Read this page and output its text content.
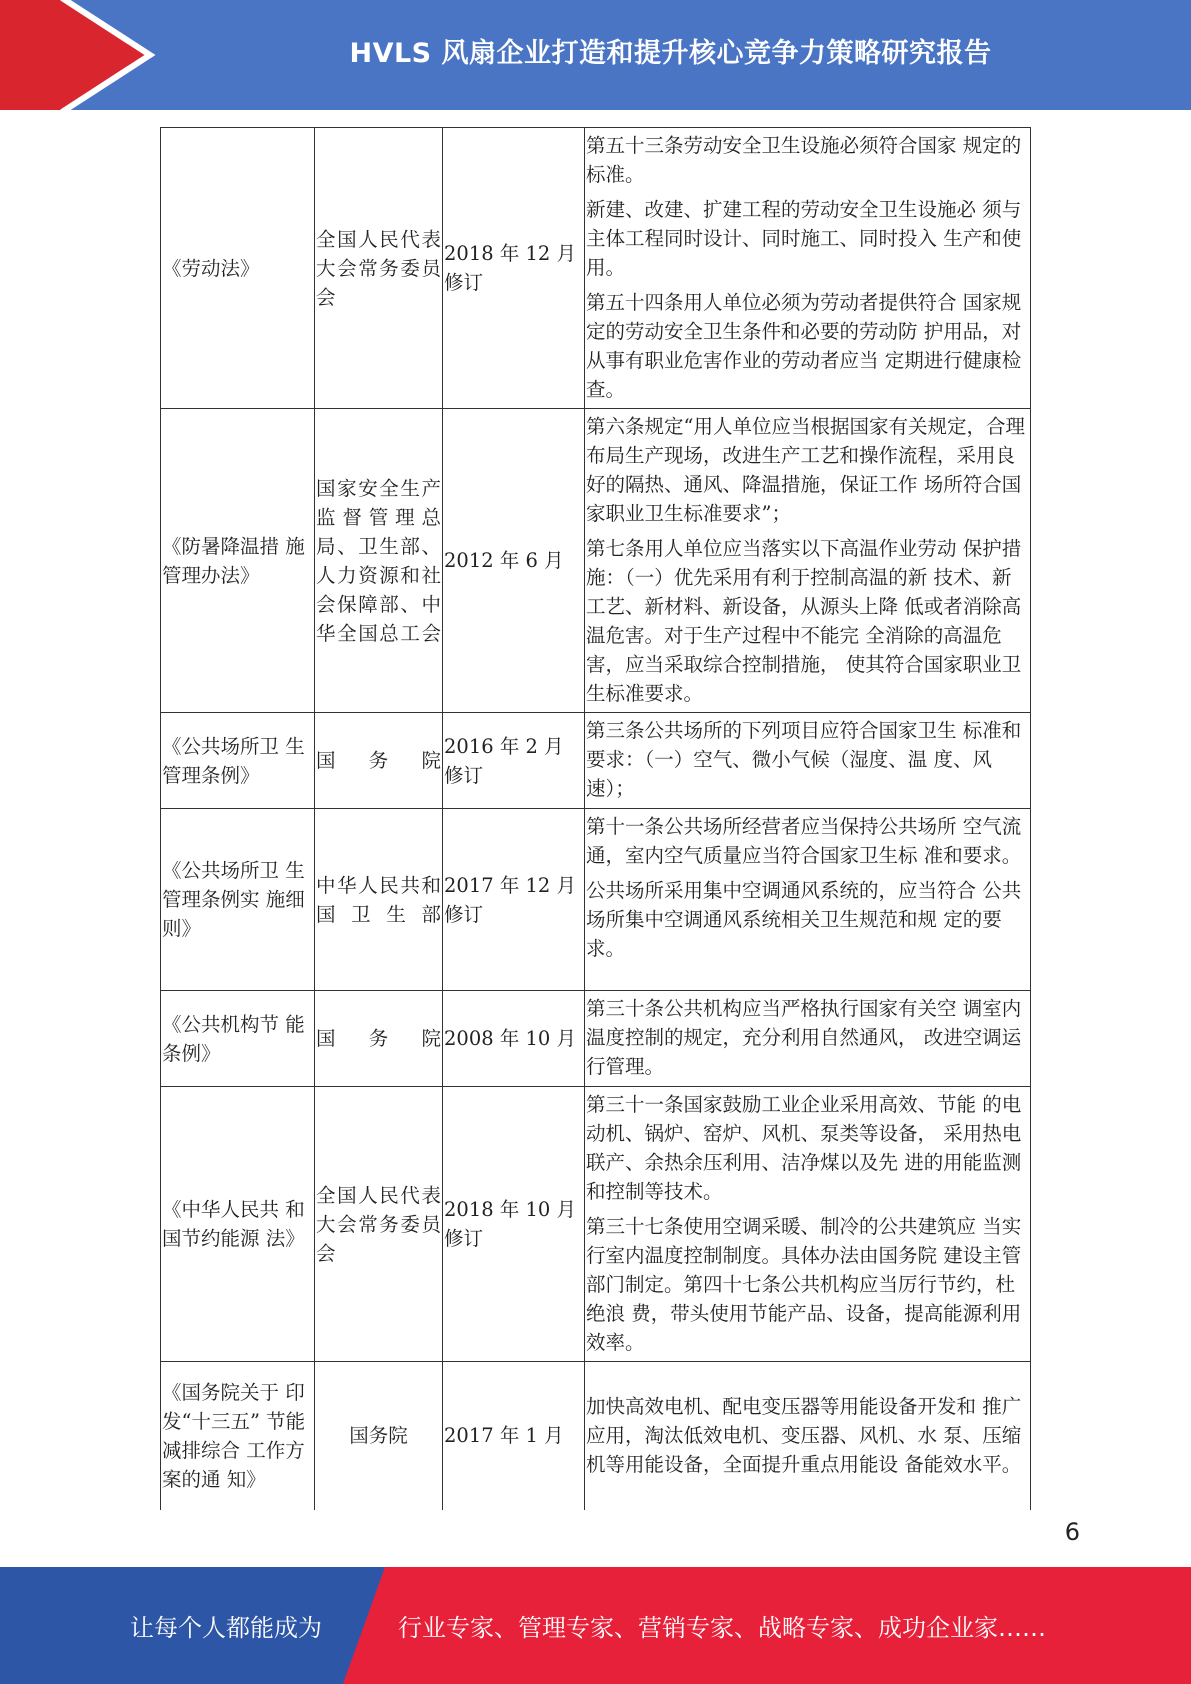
HVLS 风扇企业打造和提升核心竞争力策略研究报告
《劳动法》	全国人民代表大会常务委员会	2018 年 12 月修订	第五十三条劳动安全卫生设施必须符合国家 规定的标准。

新建、改建、扩建工程的劳动安全卫生设施必 须与主体工程同时设计、同时施工、同时投入 生产和使用。

第五十四条用人单位必须为劳动者提供符合 国家规定的劳动安全卫生条件和必要的劳动防 护用品，对从事有职业危害作业的劳动者应当 定期进行健康检查。

《防暑降温措 施管理办法》	国家安全生产监督管理总局、卫生部、人力资源和社会保障部、中华全国总工会	2012 年 6 月	第六条规定“用人单位应当根据国家有关规定，合理布局生产现场，改进生产工艺和操作流程，采用良好的隔热、通风、降温措施，保证工作 场所符合国家职业卫生标准要求”；

第七条用人单位应当落实以下高温作业劳动 保护措施：（一）优先采用有利于控制高温的新 技术、新工艺、新材料、新设备，从源头上降 低或者消除高温危害。对于生产过程中不能完 全消除的高温危害，应当采取综合控制措施， 使其符合国家职业卫生标准要求。

《公共场所卫 生管理条例》	国务院	2016 年 2 月修订	第三条公共场所的下列项目应符合国家卫生 标准和要求：（一）空气、微小气候（湿度、温 度、风速）；

《公共场所卫 生管理条例实 施细则》	中华人民共和国卫生部	2017 年 12 月修订	第十一条公共场所经营者应当保持公共场所 空气流通，室内空气质量应当符合国家卫生标 准和要求。

公共场所采用集中空调通风系统的，应当符合 公共场所集中空调通风系统相关卫生规范和规 定的要求。

《公共机构节 能条例》	国务院	2008 年 10 月	第三十条公共机构应当严格执行国家有关空 调室内温度控制的规定，充分利用自然通风， 改进空调运行管理。

《中华人民共 和国节约能源 法》	全国人民代表大会常务委员会	2018 年 10 月修订	第三十一条国家鼓励工业企业采用高效、节能 的电动机、锅炉、窑炉、风机、泵类等设备， 采用热电联产、余热余压利用、洁净煤以及先 进的用能监测和控制等技术。

第三十七条使用空调采暖、制冷的公共建筑应 当实行室内温度控制制度。具体办法由国务院 建设主管部门制定。第四十七条公共机构应当厉行节约，杜绝浪 费，带头使用节能产品、设备，提高能源利用 效率。

《国务院关于 印发“十三五” 节能减排综合 工作方案的通 知》	国务院	2017 年 1 月	加快高效电机、配电变压器等用能设备开发和 推广应用，淘汰低效电机、变压器、风机、水 泵、压缩机等用能设备，全面提升重点用能设 备能效水平。

6
让每个人都能成为	行业专家、管理专家、营销专家、战略专家、成功企业家……
